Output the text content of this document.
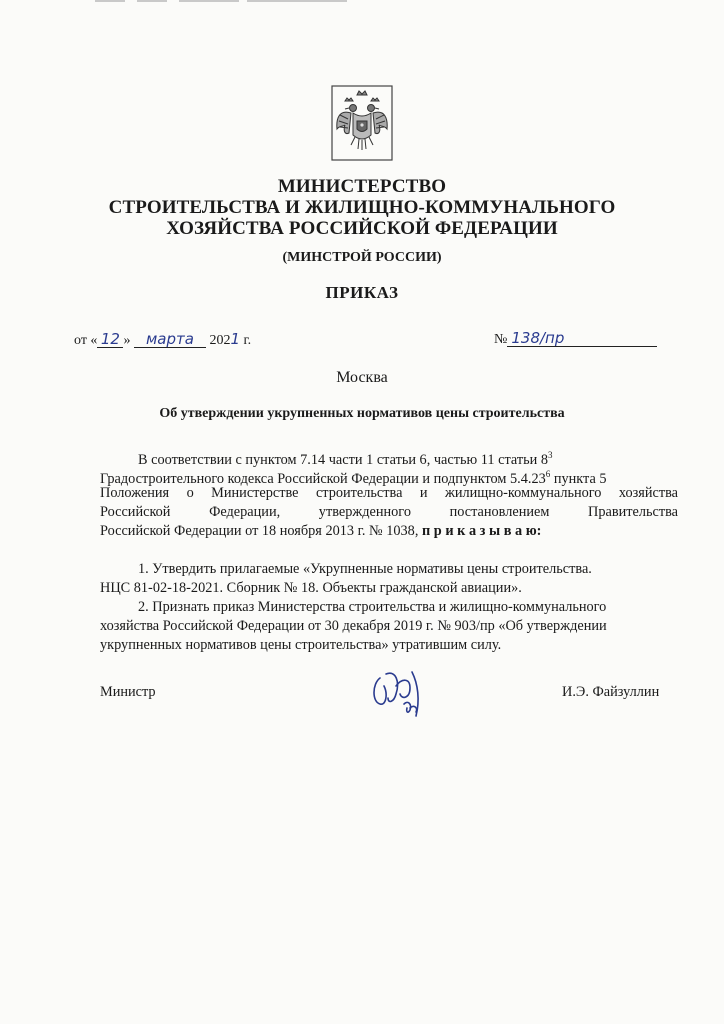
МИНИСТЕРСТВО
СТРОИТЕЛЬСТВА И ЖИЛИЩНО-КОММУНАЛЬНОГО
ХОЗЯЙСТВА РОССИЙСКОЙ ФЕДЕРАЦИИ
(МИНСТРОЙ РОССИИ)
ПРИКАЗ
от « 12 » марта 2021 г.	№ 138/пр
Москва
Об утверждении укрупненных нормативов цены строительства
В соответствии с пунктом 7.14 части 1 статьи 6, частью 11 статьи $8^3$
Градостроительного кодекса Российской Федерации и подпунктом 5.4.23$^6$ пункта 5
Положения о Министерстве строительства и жилищно-коммунального хозяйства
Российской Федерации, утвержденного постановлением Правительства
Российской Федерации от 18 ноября 2013 г. № 1038, п р и к а з ы в а ю:
1. Утвердить прилагаемые «Укрупненные нормативы цены строительства.
НЦС 81-02-18-2021. Сборник № 18. Объекты гражданской авиации».
2. Признать приказ Министерства строительства и жилищно-коммунального
хозяйства Российской Федерации от 30 декабря 2019 г. № 903/пр «Об утверждении
укрупненных нормативов цены строительства» утратившим силу.
Министр	И.Э. Файзуллин
